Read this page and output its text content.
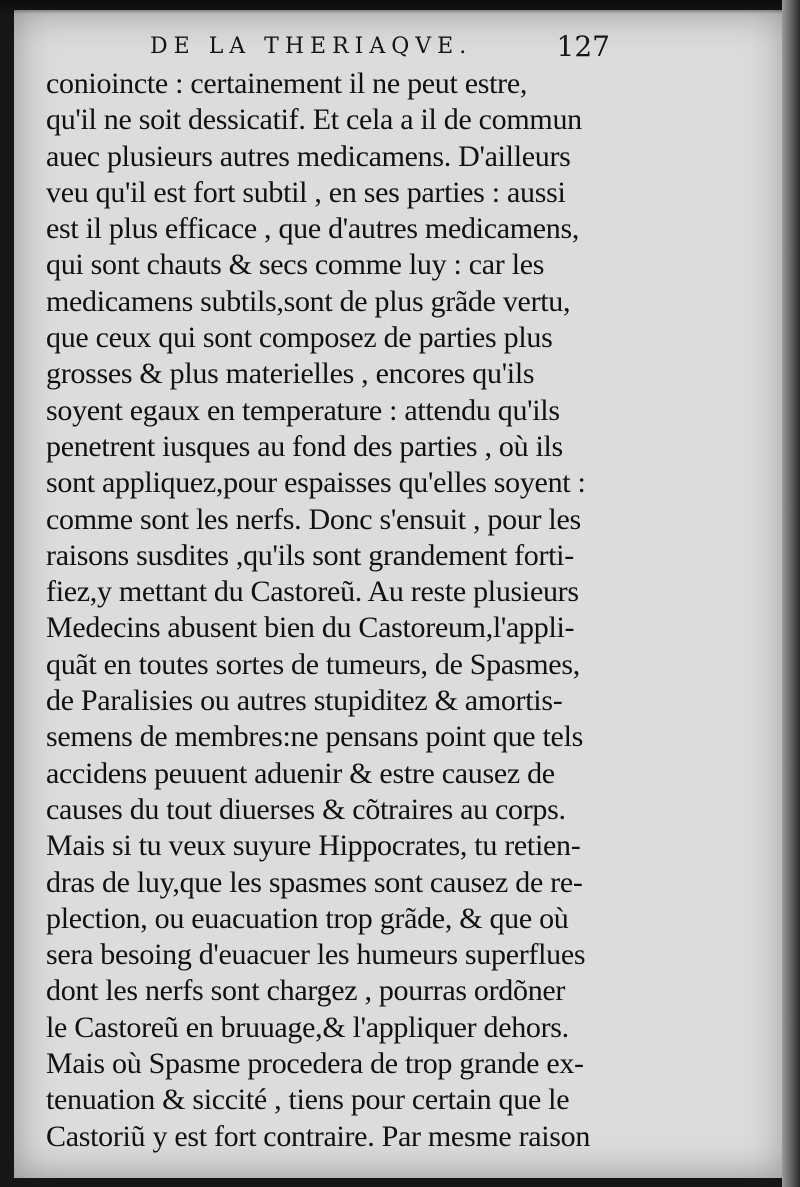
DE LA THERIAQVE.	127
conioincte : certainement il ne peut estre,
qu'il ne soit dessicatif. Et cela a il de commun
auec plusieurs autres medicamens. D'ailleurs
veu qu'il est fort subtil , en ses parties : aussi
est il plus efficace , que d'autres medicamens,
qui sont chauts & secs comme luy : car les
medicamens subtils,sont de plus grãde vertu,
que ceux qui sont composez de parties plus
grosses & plus materielles , encores qu'ils
soyent egaux en temperature : attendu qu'ils
penetrent iusques au fond des parties , où ils
sont appliquez,pour espaisses qu'elles soyent :
comme sont les nerfs. Donc s'ensuit , pour les
raisons susdites ,qu'ils sont grandement forti-
fiez,y mettant du Castoreũ. Au reste plusieurs
Medecins abusent bien du Castoreum,l'appli-
quãt en toutes sortes de tumeurs, de Spasmes,
de Paralisies ou autres stupiditez & amortis-
semens de membres:ne pensans point que tels
accidens peuuent aduenir & estre causez de
causes du tout diuerses & cõtraires au corps.
Mais si tu veux suyure Hippocrates, tu retien-
dras de luy,que les spasmes sont causez de re-
plection, ou euacuation trop grãde, & que où
sera besoing d'euacuer les humeurs superflues
dont les nerfs sont chargez , pourras ordõner
le Castoreũ en bruuage,& l'appliquer dehors.
Mais où Spasme procedera de trop grande ex-
tenuation & siccité , tiens pour certain que le
Castoriũ y est fort contraire. Par mesme raison
